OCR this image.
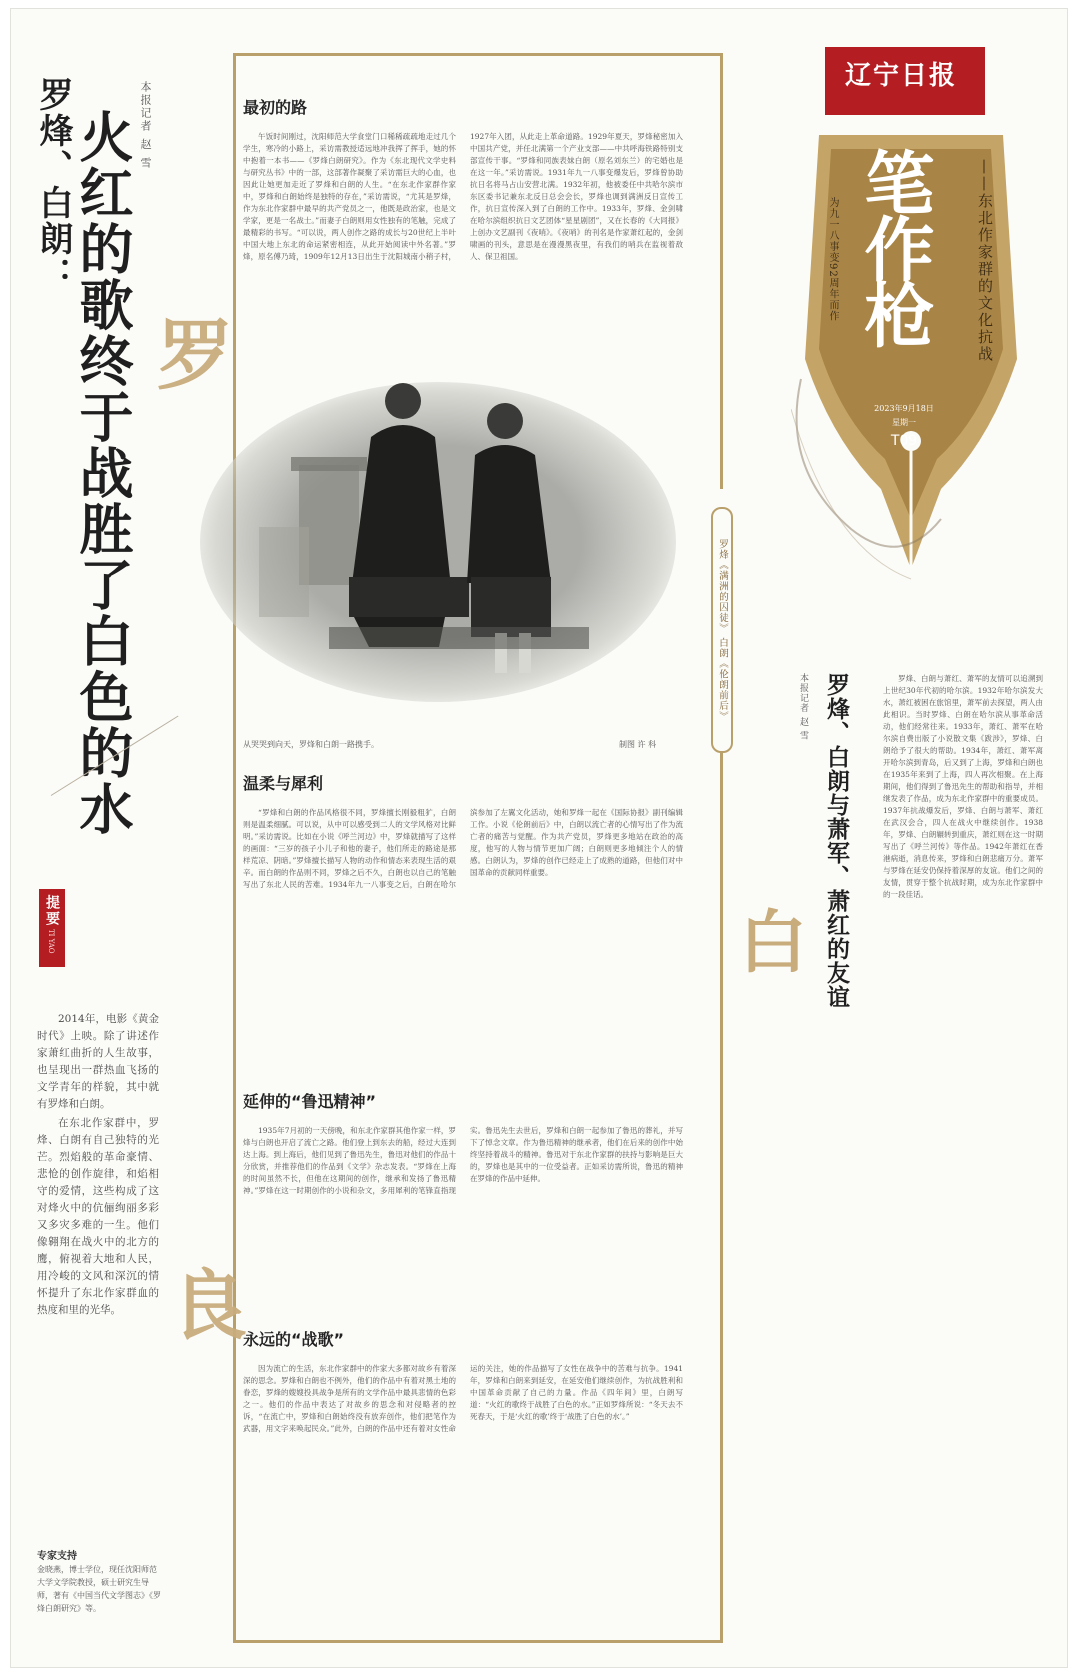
火红的歌终于战胜了白色的水
罗烽、白朗：	本报记者 赵 雪
提要
TI YAO

2014年，电影《黄金时代》上映。除了讲述作家萧红曲折的人生故事，也呈现出一群热血飞扬的文学青年的样貌，其中就有罗烽和白朗。

在东北作家群中，罗烽、白朗有自己独特的光芒。烈焰般的革命豪情、悲怆的创作旋律，和焰相守的爱情，这些构成了这对烽火中的伉俪绚丽多彩又多灾多难的一生。他们像翱翔在战火中的北方的鹰，俯视着大地和人民，用冷峻的文风和深沉的情怀提升了东北作家群血的热度和里的光华。

专家支持
金晓燕，博士学位，现任沈阳师范大学文学院教授，硕士研究生导师，著有《中国当代文学图志》《罗烽白朗研究》等。
罗烽《满洲的囚徒》 白朗《伦朗前后》
罗
良
最初的路

午饭时间刚过，沈阳师范大学食堂门口稀稀疏疏地走过几个学生，寒冷的小路上，采访需教授适远地冲我挥了挥手，她的怀中抱着一本书——《罗烽白朗研究》。作为《东北现代文学史料与研究丛书》中的一部，这部著作凝聚了采访需巨大的心血，也因此让她更加走近了罗烽和白朗的人生。“在东北作家群作家中，罗烽和白朗始终是独特的存在，”采访需说，“尤其是罗烽，作为东北作家群中最早的共产党员之一，他既是政治家，也是文学家，更是一名战士。”而妻子白朗则用女性独有的笔触，完成了最精彩的书写。“可以说，两人创作之路的成长与20世纪上半叶中国大地上东北的命运紧密相连，从此开始阅读中外名著。”罗烽，原名傅乃琦，1909年12月13日出生于沈阳城南小稍子村，1927年入团，从此走上革命道路。1929年夏天，罗烽秘密加入中国共产党，并任北满第一个产业支部——中共呼海铁路特别支部宣传干事。“罗烽和同族表妹白朗（原名刘东兰）的宅婚也是在这一年。”采访需说。1931年九一八事变爆发后，罗烽曾协助抗日名将马占山安营北满。1932年初，他被委任中共哈尔滨市东区委书记兼东北反日总会会长，罗烽也调到满洲反日宣传工作，抗日宣传深入到了白朗的工作中。1933年，罗烽、金剑啸在哈尔滨组织抗日文艺团体“星星剧团”，又在长春的《大同报》上创办文艺副刊《夜哨》。《夜哨》的刊名是作家萧红起的，金剑啸画的刊头，意思是在漫漫黑夜里，有我们的哨兵在监视着敌人、保卫祖国。

从哭哭到向天，罗烽和白朗一路携手。	制图 许 科
温柔与犀利

“罗烽和白朗的作品风格很不同，罗烽擅长刚毅粗犷，白朗则是温柔细腻。可以说，从中可以感受到二人的文学风格对比鲜明。”采访需说。比如在小说《呼兰河边》中，罗烽就描写了这样的画面：“三岁的孩子小儿子和他的妻子，他们所走的路途是那样荒凉、阴暗。”罗烽擅长描写人物的动作和情态来表现生活的艰辛。而白朗的作品则不同，罗烽之后不久，白朗也以自己的笔触写出了东北人民的苦难。1934年九一八事变之后，白朗在哈尔滨参加了左翼文化活动，她和罗烽一起在《国际协报》副刊编辑工作。小说《伦朗前后》中，白朗以流亡者的心情写出了作为流亡者的痛苦与觉醒。作为共产党员，罗烽更多地站在政治的高度，他写的人物与情节更加广阔；白朗则更多地倾注个人的情感。白朗认为，罗烽的创作已经走上了成熟的道路，但他们对中国革命的贡献同样重要。

延伸的“鲁迅精神”

1935年7月初的一天傍晚，和东北作家群其他作家一样，罗烽与白朗也开启了流亡之路。他们登上到东去的船，经过大连到达上海。到上海后，他们见到了鲁迅先生，鲁迅对他们的作品十分欣赏，并推荐他们的作品到《文学》杂志发表。“罗烽在上海的时间虽然不长，但他在这期间的创作，继承和发扬了鲁迅精神。”罗烽在这一时期创作的小说和杂文，多用犀利的笔锋直指现实。鲁迅先生去世后，罗烽和白朗一起参加了鲁迅的葬礼，并写下了悼念文章。作为鲁迅精神的继承者，他们在后来的创作中始终坚持着战斗的精神。鲁迅对于东北作家群的扶持与影响是巨大的，罗烽也是其中的一位受益者。正如采访需所说，鲁迅的精神在罗烽的作品中延伸。

永远的“战歌”

因为流亡的生活，东北作家群中的作家大多都对故乡有着深深的思念。罗烽和白朗也不例外，他们的作品中有着对黑土地的眷恋，罗烽的嫂嫂投具战争是所有的文学作品中最具悲情的色彩之一。他们的作品中表达了对故乡的思念和对侵略者的控诉，“在流亡中，罗烽和白朗始终没有放弃创作，他们把笔作为武器，用文字来唤起民众。”此外，白朗的作品中还有着对女性命运的关注，她的作品描写了女性在战争中的苦难与抗争。1941年，罗烽和白朗来到延安，在延安他们继续创作，为抗战胜利和中国革命贡献了自己的力量。作品《四年间》里，白朗写道：“火红的歌终于战胜了白色的水。”正如罗烽所说：“冬天去不死春天，于是‘火红的歌’终于‘战胜了白色的水’。”

辽宁日报
笔作枪	——东北作家群的文化抗战
为九一八事变92周年而作
2023年9月18日
星期一
T09
罗烽、白朗与萧军、萧红的友谊
本报记者 赵 雪
白

罗烽、白朗与萧红、萧军的友情可以追溯到上世纪30年代初的哈尔滨。1932年哈尔滨发大水，萧红被困在旅馆里，萧军前去探望，两人由此相识。当时罗烽、白朗在哈尔滨从事革命活动，他们经常往来。1933年，萧红、萧军在哈尔滨自费出版了小说散文集《跋涉》，罗烽、白朗给予了很大的帮助。1934年，萧红、萧军离开哈尔滨到青岛，后又到了上海，罗烽和白朗也在1935年来到了上海，四人再次相聚。在上海期间，他们得到了鲁迅先生的帮助和指导，并相继发表了作品，成为东北作家群中的重要成员。1937年抗战爆发后，罗烽、白朗与萧军、萧红在武汉会合，四人在战火中继续创作。1938年，罗烽、白朗辗转到重庆，萧红则在这一时期写出了《呼兰河传》等作品。1942年萧红在香港病逝，消息传来，罗烽和白朗悲痛万分。萧军与罗烽在延安仍保持着深厚的友谊。他们之间的友情，贯穿于整个抗战时期，成为东北作家群中的一段佳话。
